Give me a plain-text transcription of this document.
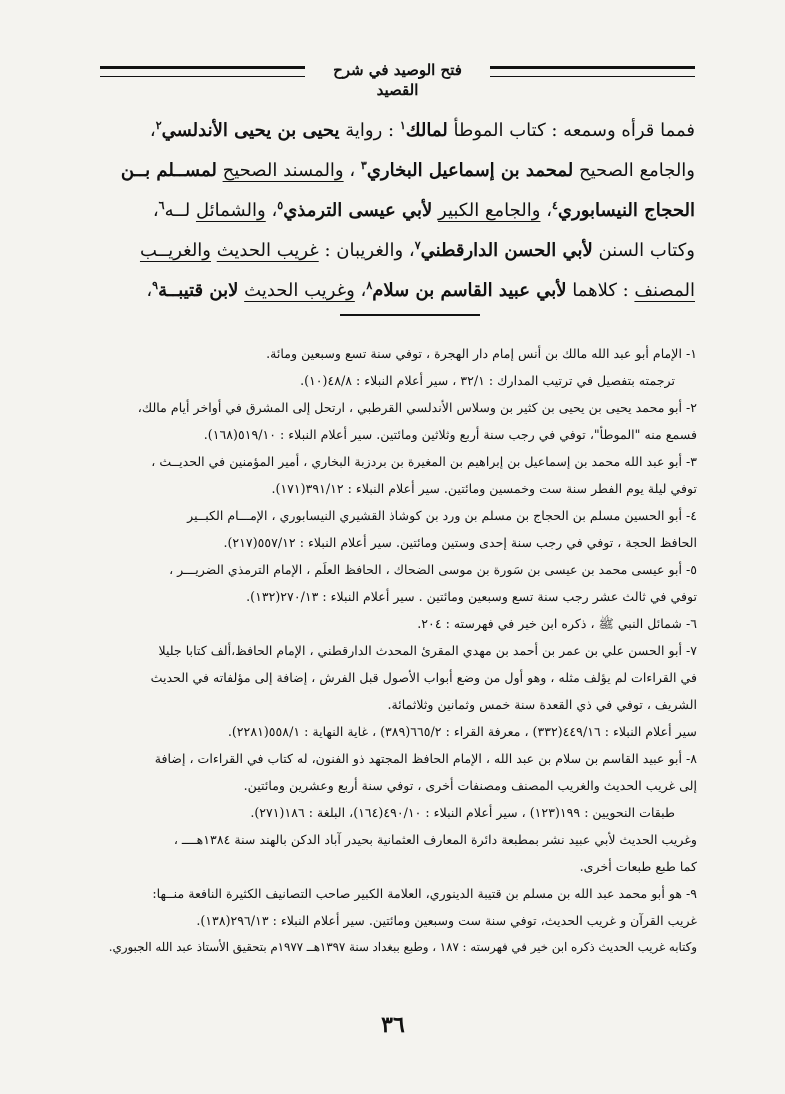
فتح الوصيد في شرح القصيد
فمما قرأه وسمعه : كتاب الموطأ لمالك$^١$ : رواية يحيى بن يحيى الأندلسي$^٢$،
والجامع الصحيح لمحمد بن إسماعيل البخاري$^٣$ ، والمسند الصحيح لمســلم بــن
الحجاج النيسابوري$^٤$، والجامع الكبير لأبي عيسى الترمذي$^٥$، والشمائل لــه$^٦$،
وكتاب السنن لأبي الحسن الدارقطني$^٧$، والغريبان : غريب الحديث والغريــب
المصنف : كلاهما لأبي عبيد القاسم بن سلام$^٨$، وغريب الحديث لابن قتيبــة$^٩$،
١- الإمام أبو عبد الله مالك بن أنس إمام دار الهجرة ، توفي سنة تسع وسبعين ومائة.
ترجمته بتفصيل في ترتيب المدارك : ٣٢/١ ، سير أعلام النبلاء : ٤٨/٨(١٠).
٢- أبو محمد يحيى بن يحيى بن كثير بن وسلاس الأندلسي القرطبي ، ارتحل إلى المشرق في أواخر أيام مالك،
فسمع منه "الموطأ"، توفي في رجب سنة أربع وثلاثين ومائتين. سير أعلام النبلاء : ٥١٩/١٠(١٦٨).
٣- أبو عبد الله محمد بن إسماعيل بن إبراهيم بن المغيرة بن بردزبة البخاري ، أمير المؤمنين في الحديــث ،
توفي ليلة يوم الفطر سنة ست وخمسين ومائتين. سير أعلام النبلاء : ٣٩١/١٢(١٧١).
٤- أبو الحسين مسلم بن الحجاج بن مسلم بن ورد بن كوشاذ القشيري النيسابوري ، الإمـــام الكبــير
الحافظ الحجة ، توفي في رجب سنة إحدى وستين ومائتين. سير أعلام النبلاء : ٥٥٧/١٢(٢١٧).
٥- أبو عيسى محمد بن عيسى بن سَورة بن موسى الضحاك ، الحافظ العلَم ، الإمام الترمذي الضريـــر ،
توفي في ثالث عشر رجب سنة تسع وسبعين ومائتين . سير أعلام النبلاء : ٢٧٠/١٣(١٣٢).
٦- شمائل النبي ﷺ ، ذكره ابن خير في فهرسته : ٢٠٤.
٧- أبو الحسن علي بن عمر بن أحمد بن مهدي المقرئ المحدث الدارقطني ، الإمام الحافظ،ألف كتابا جليلا
في القراءات لم يؤلف مثله ، وهو أول من وضع أبواب الأصول قبل الفرش ، إضافة إلى مؤلفاته في الحديث
الشريف ، توفي في ذي القعدة سنة خمس وثمانين وثلاثمائة.
سير أعلام النبلاء : ٤٤٩/١٦(٣٣٢) ، معرفة القراء : ٦٦٥/٢(٣٨٩) ، غاية النهاية : ٥٥٨/١(٢٢٨١).
٨- أبو عبيد القاسم بن سلام بن عبد الله ، الإمام الحافظ المجتهد ذو الفنون، له كتاب في القراءات ، إضافة
إلى غريب الحديث والغريب المصنف ومصنفات أخرى ، توفي سنة أربع وعشرين ومائتين.
طبقات النحويين : ١٩٩(١٢٣) ، سير أعلام النبلاء : ٤٩٠/١٠(١٦٤)، البلغة : ١٨٦(٢٧١).
وغريب الحديث لأبي عبيد نشر بمطبعة دائرة المعارف العثمانية بحيدر آباد الدكن بالهند سنة ١٣٨٤هــــ ،
كما طبع طبعات أخرى.
٩- هو أبو محمد عبد الله بن مسلم بن قتيبة الدينوري، العلامة الكبير صاحب التصانيف الكثيرة النافعة منــها:
غريب القرآن و غريب الحديث، توفي سنة ست وسبعين ومائتين. سير أعلام النبلاء : ٢٩٦/١٣(١٣٨).
وكتابه غريب الحديث ذكره ابن خير في فهرسته : ١٨٧ ، وطبع ببغداد سنة ١٣٩٧هــ ١٩٧٧م بتحقيق الأستاذ عبد الله الجبوري.
٣٦
